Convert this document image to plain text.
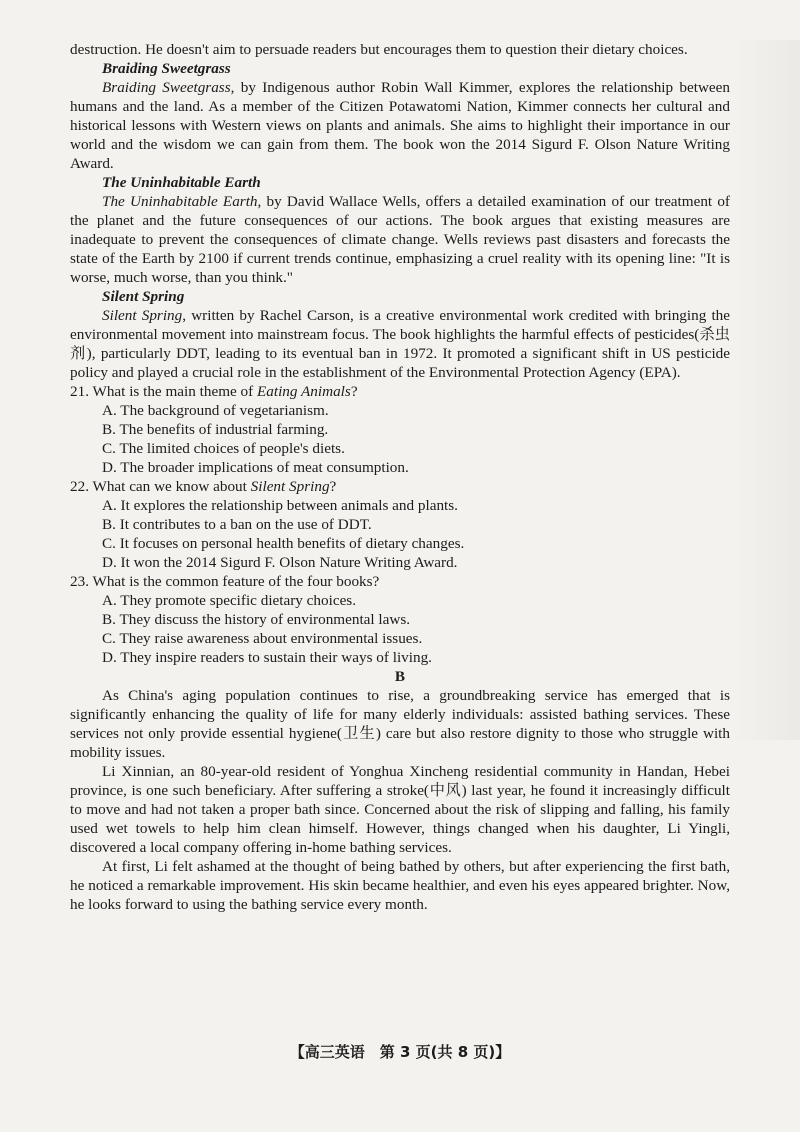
destruction. He doesn't aim to persuade readers but encourages them to question their dietary choices.

Braiding Sweetgrass

Braiding Sweetgrass, by Indigenous author Robin Wall Kimmer, explores the relationship between humans and the land. As a member of the Citizen Potawatomi Nation, Kimmer connects her cultural and historical lessons with Western views on plants and animals. She aims to highlight their importance in our world and the wisdom we can gain from them. The book won the 2014 Sigurd F. Olson Nature Writing Award.

The Uninhabitable Earth

The Uninhabitable Earth, by David Wallace Wells, offers a detailed examination of our treatment of the planet and the future consequences of our actions. The book argues that existing measures are inadequate to prevent the consequences of climate change. Wells reviews past disasters and forecasts the state of the Earth by 2100 if current trends continue, emphasizing a cruel reality with its opening line: "It is worse, much worse, than you think."

Silent Spring

Silent Spring, written by Rachel Carson, is a creative environmental work credited with bringing the environmental movement into mainstream focus. The book highlights the harmful effects of pesticides(杀虫剂), particularly DDT, leading to its eventual ban in 1972. It promoted a significant shift in US pesticide policy and played a crucial role in the establishment of the Environmental Protection Agency (EPA).

21. What is the main theme of Eating Animals?

A. The background of vegetarianism.

B. The benefits of industrial farming.

C. The limited choices of people's diets.

D. The broader implications of meat consumption.

22. What can we know about Silent Spring?

A. It explores the relationship between animals and plants.

B. It contributes to a ban on the use of DDT.

C. It focuses on personal health benefits of dietary changes.

D. It won the 2014 Sigurd F. Olson Nature Writing Award.

23. What is the common feature of the four books?

A. They promote specific dietary choices.

B. They discuss the history of environmental laws.

C. They raise awareness about environmental issues.

D. They inspire readers to sustain their ways of living.

B

As China's aging population continues to rise, a groundbreaking service has emerged that is significantly enhancing the quality of life for many elderly individuals: assisted bathing services. These services not only provide essential hygiene(卫生) care but also restore dignity to those who struggle with mobility issues.

Li Xinnian, an 80-year-old resident of Yonghua Xincheng residential community in Handan, Hebei province, is one such beneficiary. After suffering a stroke(中风) last year, he found it increasingly difficult to move and had not taken a proper bath since. Concerned about the risk of slipping and falling, his family used wet towels to help him clean himself. However, things changed when his daughter, Li Yingli, discovered a local company offering in-home bathing services.

At first, Li felt ashamed at the thought of being bathed by others, but after experiencing the first bath, he noticed a remarkable improvement. His skin became healthier, and even his eyes appeared brighter. Now, he looks forward to using the bathing service every month.

【高三英语　第 3 页(共 8 页)】
